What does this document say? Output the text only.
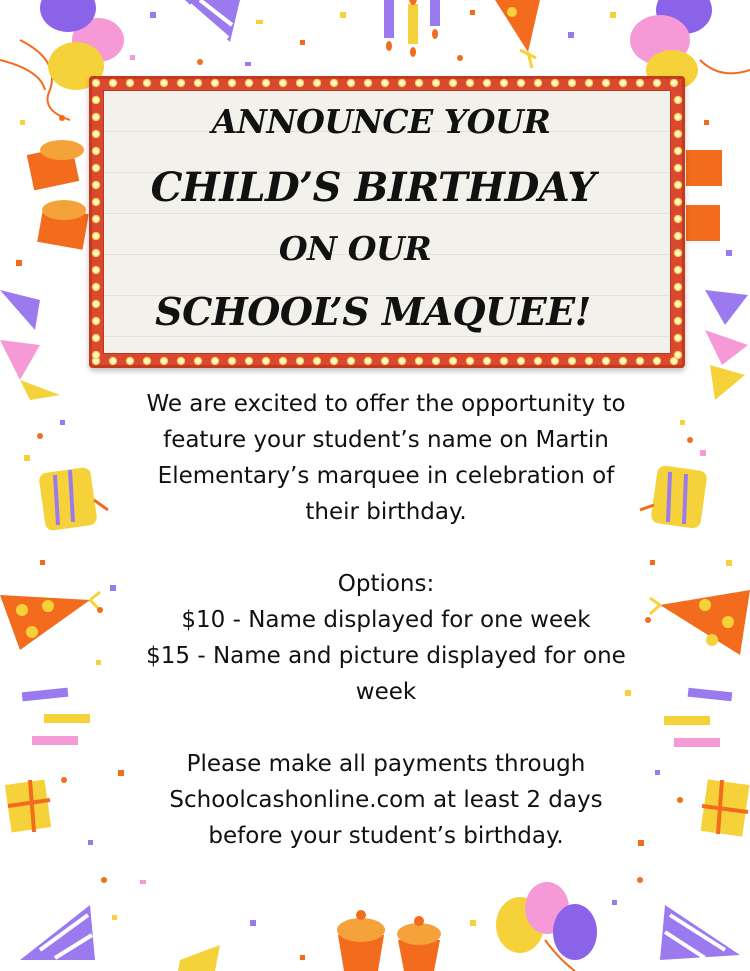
ANNOUNCE YOUR
CHILD’S BIRTHDAY
ON OUR
SCHOOL’S MAQUEE!

We are excited to offer the opportunity to

feature your student’s name on Martin

Elementary’s marquee in celebration of

their birthday.

Options:

$10 - Name displayed for one week

$15 - Name and picture displayed for one

week

Please make all payments through

Schoolcashonline.com at least 2 days

before your student’s birthday.
